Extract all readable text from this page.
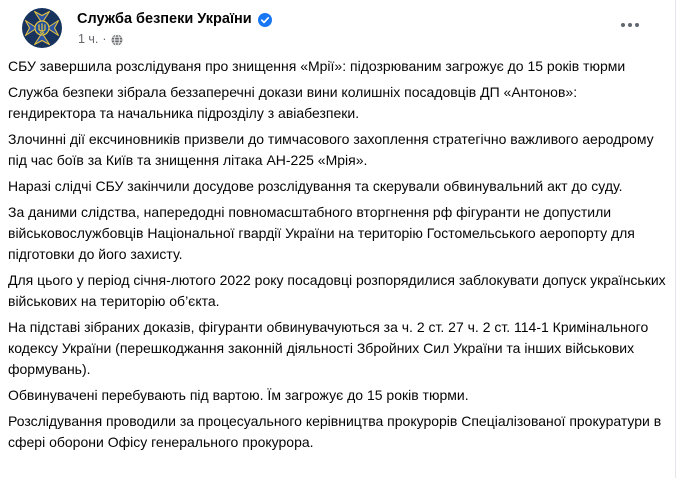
Служба безпеки України
1 ч. ·

СБУ завершила розслідуваня про знищення «Мрії»: підозрюваним загрожує до 15 років тюрми

Служба безпеки зібрала беззаперечні докази вини колишніх посадовців ДП «Антонов»: гендиректора та начальника підрозділу з авіабезпеки.

Злочинні дії ексчиновників призвели до тимчасового захоплення стратегічно важливого аеродрому під час боїв за Київ та знищення літака АН-225 «Мрія».

Наразі слідчі СБУ закінчили досудове розслідування та скерували обвинувальний акт до суду.

За даними слідства, напередодні повномасштабного вторгнення рф фігуранти не допустили військовослужбовців Національної гвардії України на територію Гостомельського аеропорту для підготовки до його захисту.

Для цього у період січня-лютого 2022 року посадовці розпорядилися заблокувати допуск українських військових на територію об’єкта.

На підставі зібраних доказів, фігуранти обвинувачуються за ч. 2 ст. 27 ч. 2 ст. 114-1 Кримінального кодексу України (перешкоджання законній діяльності Збройних Сил України та інших військових формувань).

Обвинувачені перебувають під вартою. Їм загрожує до 15 років тюрми.

Розслідування проводили за процесуального керівництва прокурорів Спеціалізованої прокуратури в сфері оборони Офісу генерального прокурора.
